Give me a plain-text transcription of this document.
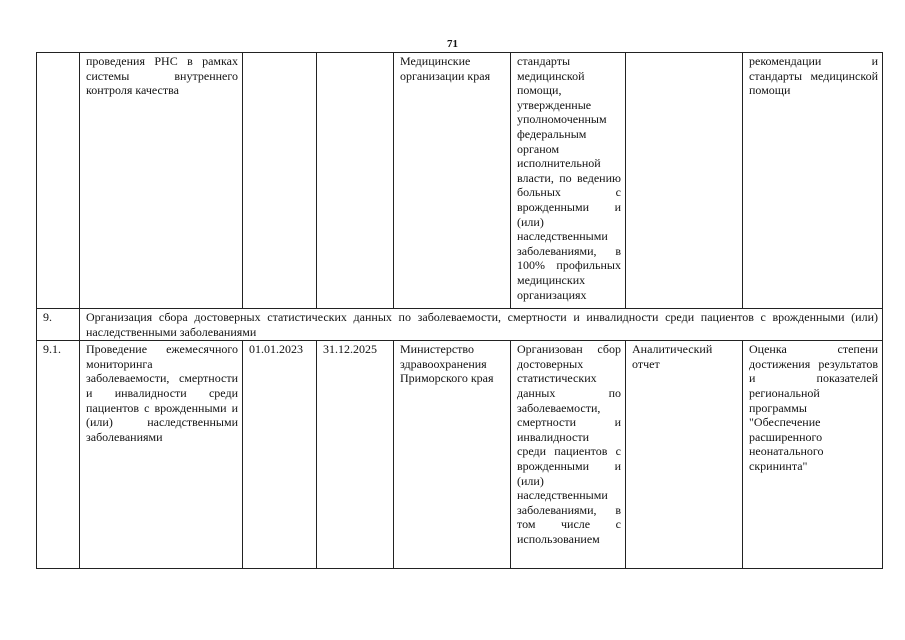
71
	проведения РНС в рамках системы внутреннего контроля качества			Медицинские организации края	стандарты медицинской помощи, утвержденные уполномоченным федеральным органом исполнительной власти, по ведению больных с врожденными и (или) наследственными заболеваниями, в 100% профильных медицинских организациях		рекомендации и стандарты медицинской помощи
9.	Организация сбора достоверных статистических данных по заболеваемости, смертности и инвалидности среди пациентов с врожденными (или) наследственными заболеваниями						
9.1.	Проведение ежемесячного мониторинга заболеваемости, смертности и инвалидности среди пациентов с врожденными и (или) наследственными заболеваниями	01.01.2023	31.12.2025	Министерство здравоохранения Приморского края	Организован сбор достоверных статистических данных по заболеваемости, смертности и инвалидности среди пациентов с врожденными и (или) наследственными заболеваниями, в том числе с использованием	Аналитический отчет	Оценка степени достижения результатов и показателей региональной программы "Обеспечение расширенного неонатального скрининта"
